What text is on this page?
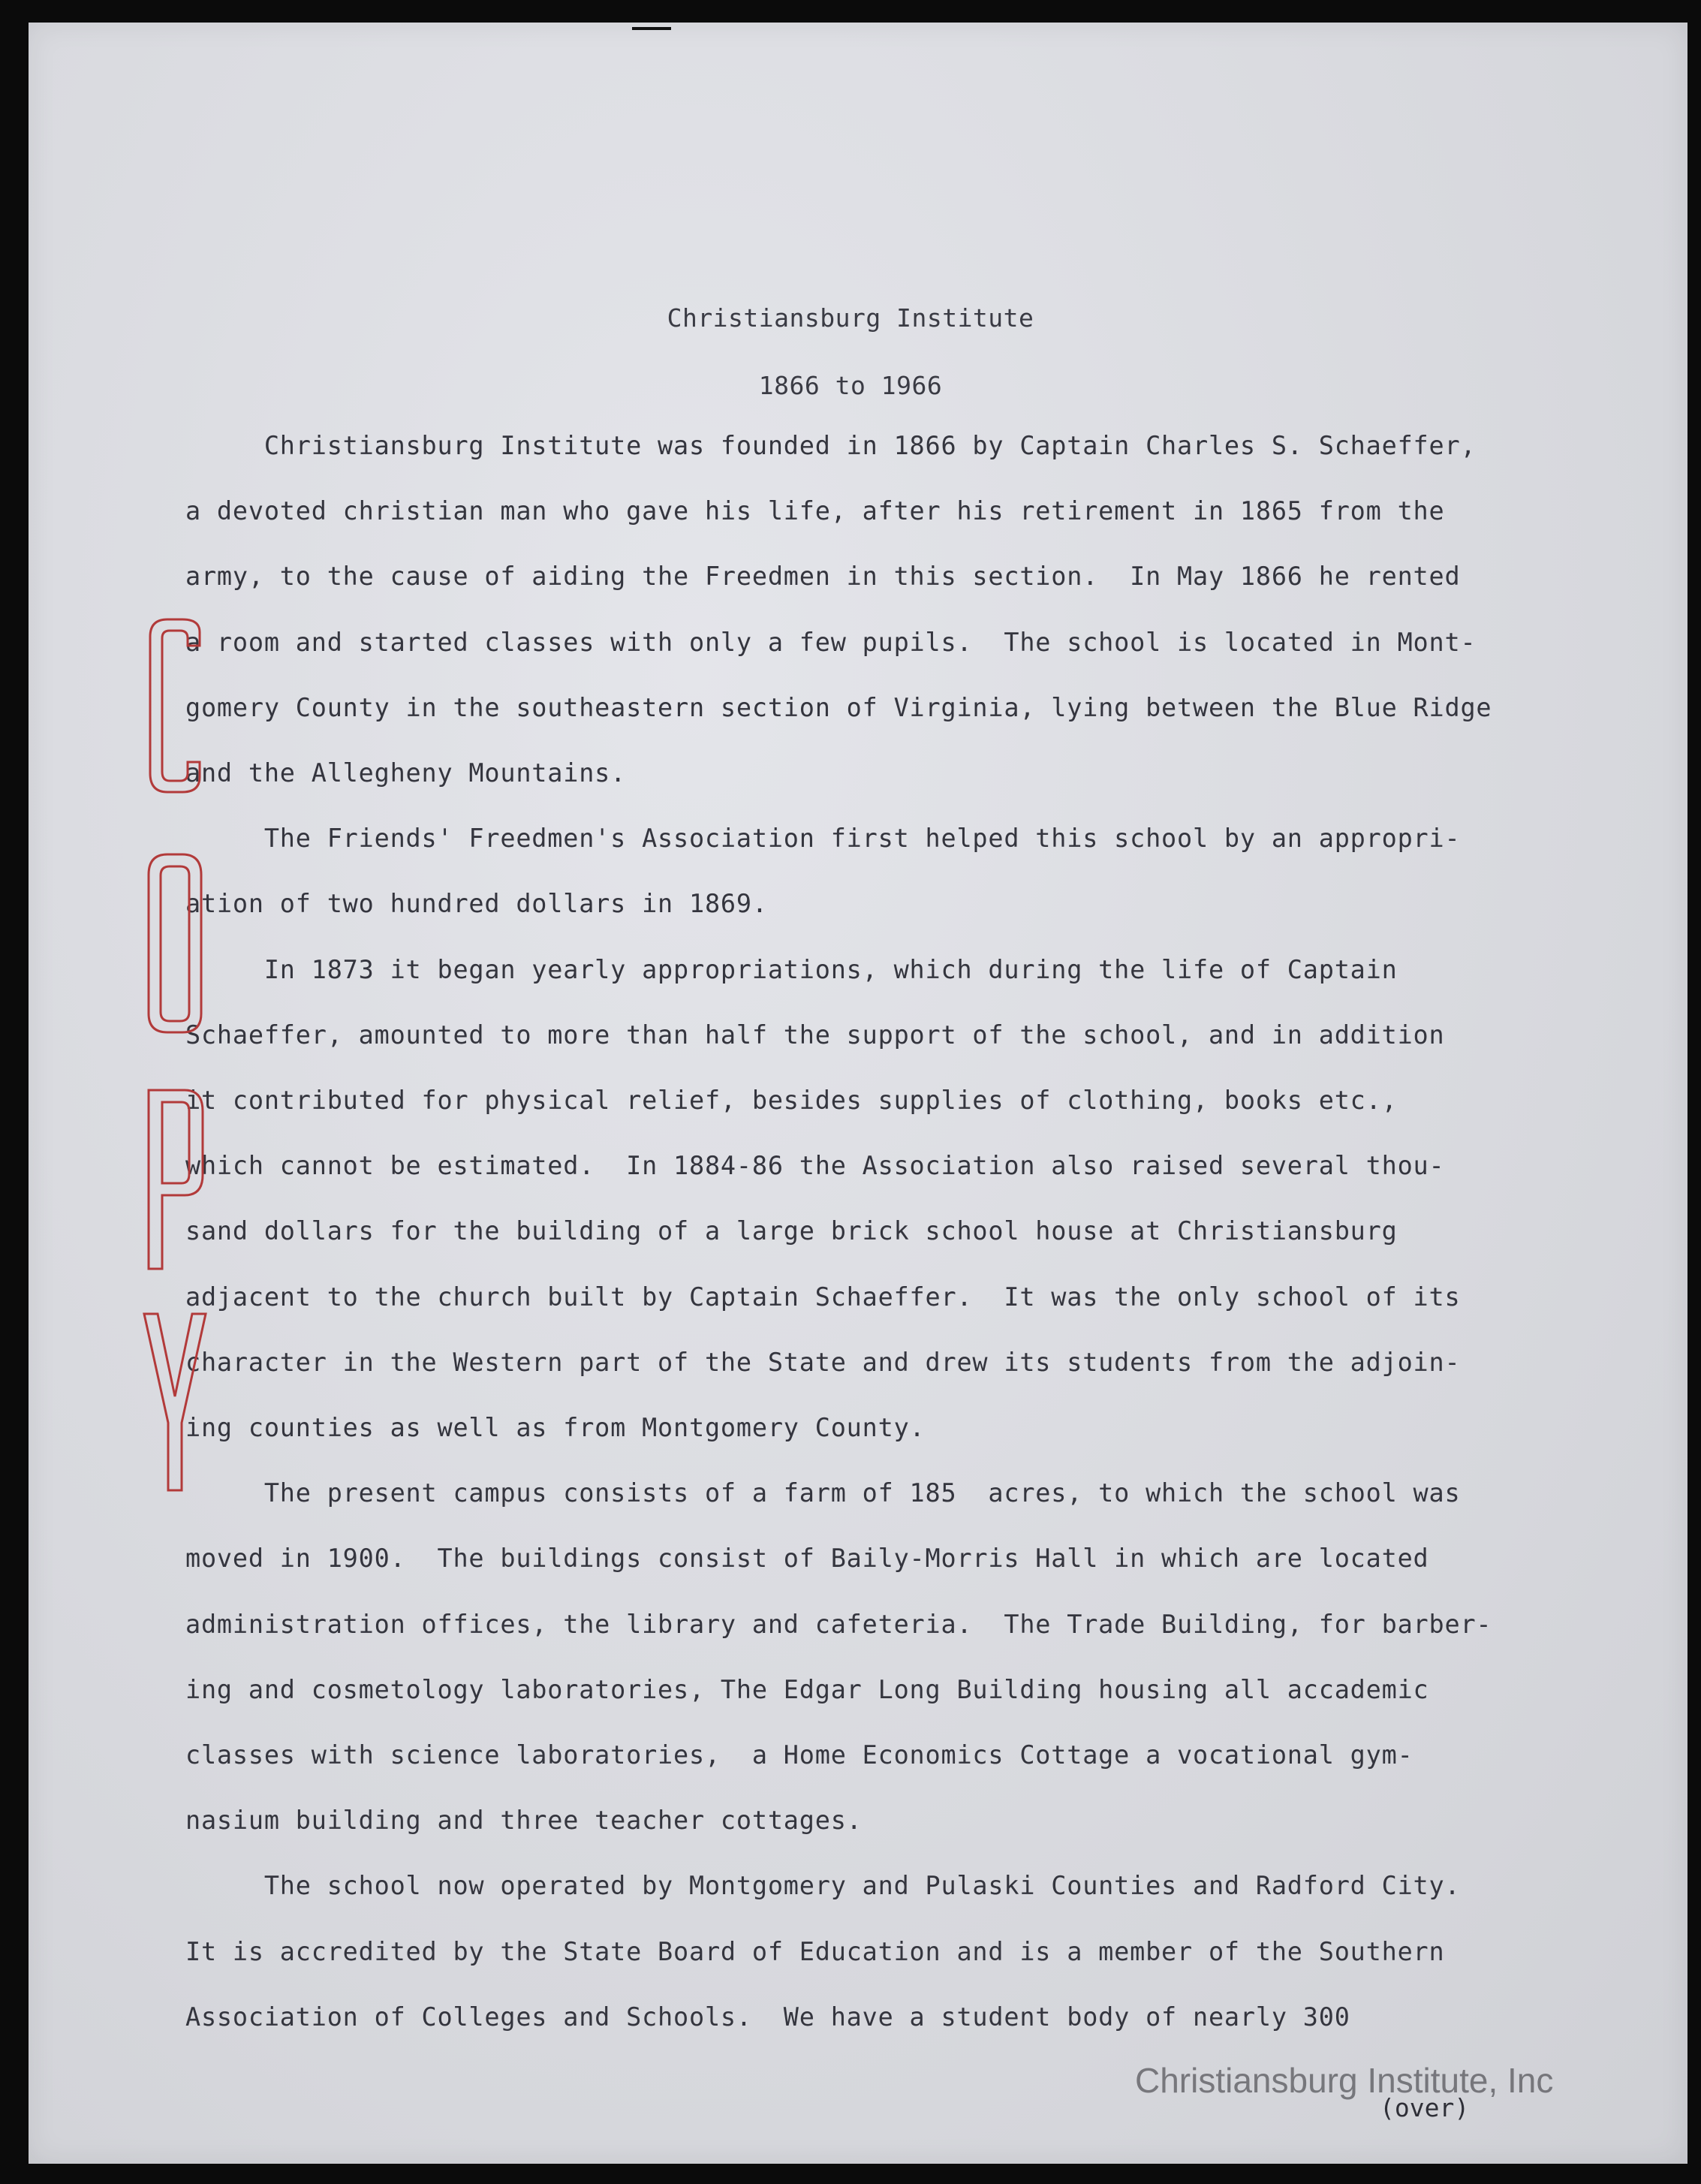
Christiansburg Institute
1866 to 1966
Christiansburg Institute was founded in 1866 by Captain Charles S. Schaeffer,
a devoted christian man who gave his life, after his retirement in 1865 from the
army, to the cause of aiding the Freedmen in this section.  In May 1866 he rented
a room and started classes with only a few pupils.  The school is located in Mont-
gomery County in the southeastern section of Virginia, lying between the Blue Ridge
and the Allegheny Mountains.
The Friends' Freedmen's Association first helped this school by an appropri-
ation of two hundred dollars in 1869.
In 1873 it began yearly appropriations, which during the life of Captain
Schaeffer, amounted to more than half the support of the school, and in addition
it contributed for physical relief, besides supplies of clothing, books etc.,
which cannot be estimated.  In 1884-86 the Association also raised several thou-
sand dollars for the building of a large brick school house at Christiansburg
adjacent to the church built by Captain Schaeffer.  It was the only school of its
character in the Western part of the State and drew its students from the adjoin-
ing counties as well as from Montgomery County.
The present campus consists of a farm of 185  acres, to which the school was
moved in 1900.  The buildings consist of Baily-Morris Hall in which are located
administration offices, the library and cafeteria.  The Trade Building, for barber-
ing and cosmetology laboratories, The Edgar Long Building housing all accademic
classes with science laboratories,  a Home Economics Cottage a vocational gym-
nasium building and three teacher cottages.
The school now operated by Montgomery and Pulaski Counties and Radford City.
It is accredited by the State Board of Education and is a member of the Southern
Association of Colleges and Schools.  We have a student body of nearly 300
(over)
Christiansburg Institute, Inc
